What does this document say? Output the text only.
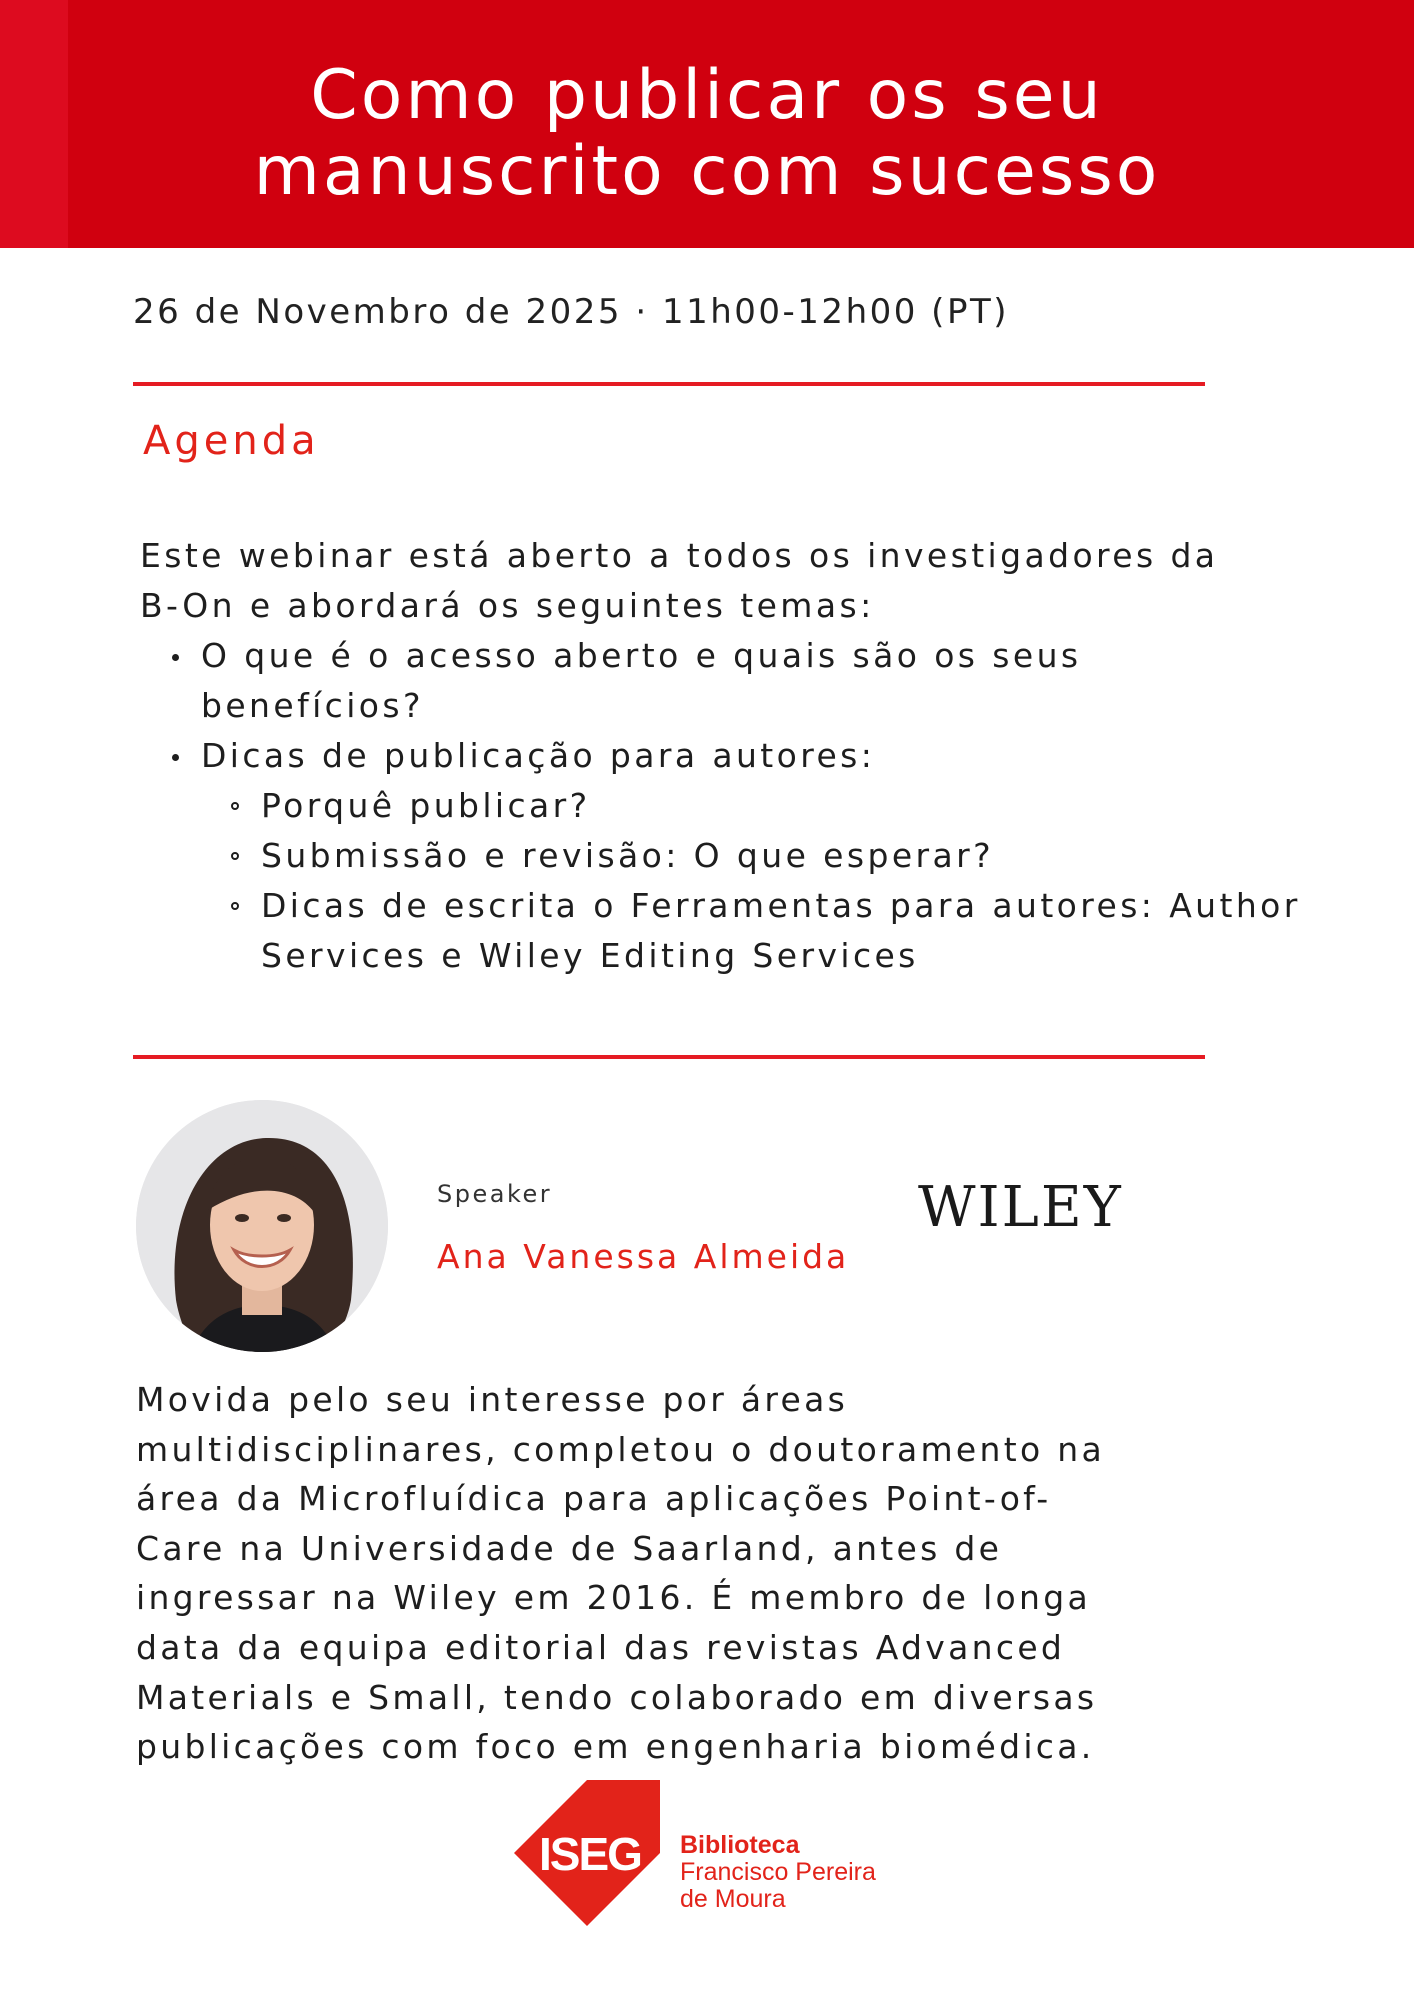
Como publicar os seu
manuscrito com sucesso
26 de Novembro de 2025 · 11h00-12h00 (PT)
Agenda

Este webinar está aberto a todos os investigadores da B-On e abordará os seguintes temas:

O que é o acesso aberto e quais são os seus benefícios?
Dicas de publicação para autores:
Porquê publicar?
Submissão e revisão: O que esperar?
Dicas de escrita o Ferramentas para autores: Author Services e Wiley Editing Services
Speaker
Ana Vanessa Almeida
WILEY
Movida pelo seu interesse por áreas
multidisciplinares, completou o doutoramento na
área da Microfluídica para aplicações Point-of-
Care na Universidade de Saarland, antes de
ingressar na Wiley em 2016. É membro de longa
data da equipa editorial das revistas Advanced
Materials e Small, tendo colaborado em diversas
publicações com foco em engenharia biomédica.
ISEG Biblioteca
Francisco Pereira
de Moura
